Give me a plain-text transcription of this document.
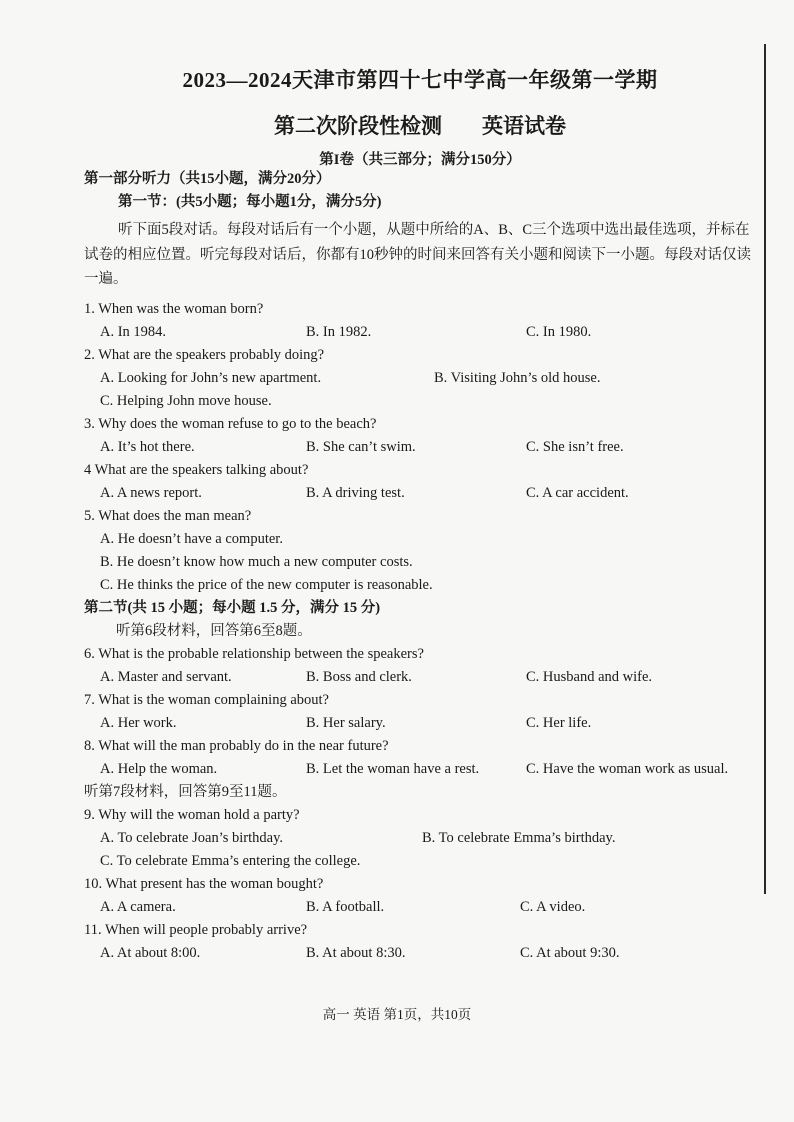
2023—2024天津市第四十七中学高一年级第一学期
第二次阶段性检测 英语试卷
第I卷（共三部分；满分150分）
第一部分听力（共15小题，满分20分）
第一节：(共5小题；每小题1分，满分5分)
听下面5段对话。每段对话后有一个小题，从题中所给的A、B、C三个选项中选出最佳选项，并标在试卷的相应位置。听完每段对话后，你都有10秒钟的时间来回答有关小题和阅读下一小题。每段对话仅读一遍。
1. When was the woman born?
A. In 1984.	B. In 1982.	C. In 1980.
2. What are the speakers probably doing?
A. Looking for John’s new apartment.	B. Visiting John’s old house.
C. Helping John move house.
3. Why does the woman refuse to go to the beach?
A. It’s hot there.	B. She can’t swim.	C. She isn’t free.
4 What are the speakers talking about?
A. A news report.	B. A driving test.	C. A car accident.
5. What does the man mean?
A. He doesn’t have a computer.
B. He doesn’t know how much a new computer costs.
C. He thinks the price of the new computer is reasonable.
第二节(共 15 小题；每小题 1.5 分，满分 15 分)
听第6段材料，回答第6至8题。
6. What is the probable relationship between the speakers?
A. Master and servant.	B. Boss and clerk.	C. Husband and wife.
7. What is the woman complaining about?
A. Her work.	B. Her salary.	C. Her life.
8. What will the man probably do in the near future?
A. Help the woman.	B. Let the woman have a rest.	C. Have the woman work as usual.
听第7段材料，回答第9至11题。
9. Why will the woman hold a party?
A. To celebrate Joan’s birthday.	B. To celebrate Emma’s birthday.
C. To celebrate Emma’s entering the college.
10. What present has the woman bought?
A. A camera.	B. A football.	C. A video.
11. When will people probably arrive?
A. At about 8:00.	B. At about 8:30.	C. At about 9:30.
高一 英语 第1页，共10页
